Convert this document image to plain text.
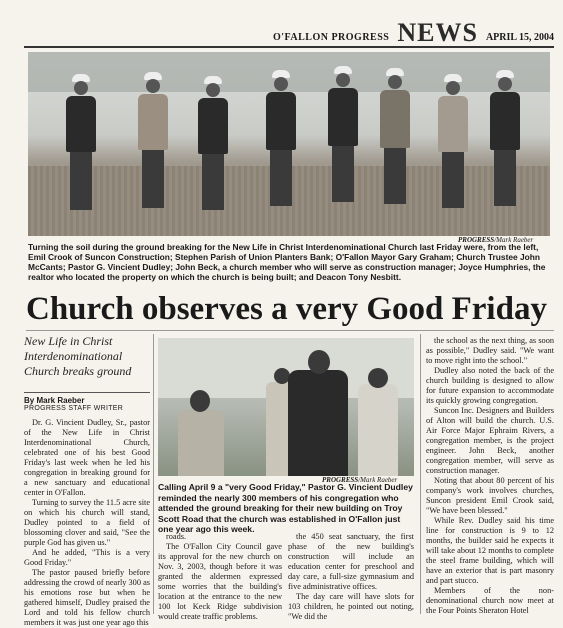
O'FALLON PROGRESS NEWS APRIL 15, 2004
PROGRESS/Mark Raeber
Turning the soil during the ground breaking for the New Life in Christ Interdenominational Church last Friday were, from the left, Emil Crook of Suncon Construction; Stephen Parish of Union Planters Bank; O'Fallon Mayor Gary Graham; Church Trustee John McCants; Pastor G. Vincient Dudley; John Beck, a church member who will serve as construction manager; Joyce Humphries, the realtor who located the property on which the church is being built; and Deacon Tony Nesbitt.
Church observes a very Good Friday
New Life in Christ Interdenominational Church breaks ground
By Mark Raeber
PROGRESS STAFF WRITER

Dr. G. Vincient Dudley, Sr., pastor of the New Life in Christ Interdenominational Church, celebrated one of his best Good Friday's last week when he led his congregation in breaking ground for a new sanctuary and educational center in O'Fallon.

Turning to survey the 11.5 acre site on which his church will stand, Dudley pointed to a field of blossoming clover and said, "See the purple God has given us."

And he added, "This is a very Good Friday."

The pastor paused briefly before addressing the crowd of nearly 300 as his emotions rose but when he gathered himself, Dudley praised the Lord and told his fellow church members it was just one year ago this

PROGRESS/Mark Raeber
Calling April 9 a "very Good Friday," Pastor G. Vincient Dudley reminded the nearly 300 members of his congregation who attended the ground breaking for their new building on Troy Scott Road that the church was established in O'Fallon just one year ago this week.

roads.

The O'Fallon City Council gave its approval for the new church on Nov. 3, 2003, though before it was granted the aldermen expressed some worries that the building's location at the entrance to the new 100 lot Keck Ridge subdivision would create traffic problems.

the 450 seat sanctuary, the first phase of the new building's construction will include an education center for preschool and day care, a full-size gymnasium and five administrative offices.

The day care will have slots for 103 children, he pointed out noting, "We did the

the school as the next thing, as soon as possible," Dudley said. "We want to move right into the school."

Dudley also noted the back of the church building is designed to allow for future expansion to accommodate its quickly growing congregation.

Suncon Inc. Designers and Builders of Alton will build the church. U.S. Air Force Major Ephraim Rivers, a congregation member, is the project engineer. John Beck, another congregation member, will serve as construction manager.

Noting that about 80 percent of his company's work involves churches, Suncon president Emil Crook said, "We have been blessed."

While Rev. Dudley said his time line for construction is 9 to 12 months, the builder said he expects it will take about 12 months to complete the steel frame building, which will have an exterior that is part masonry and part stucco.

Members of the non-denominational church now meet at the Four Points Sheraton Hotel
